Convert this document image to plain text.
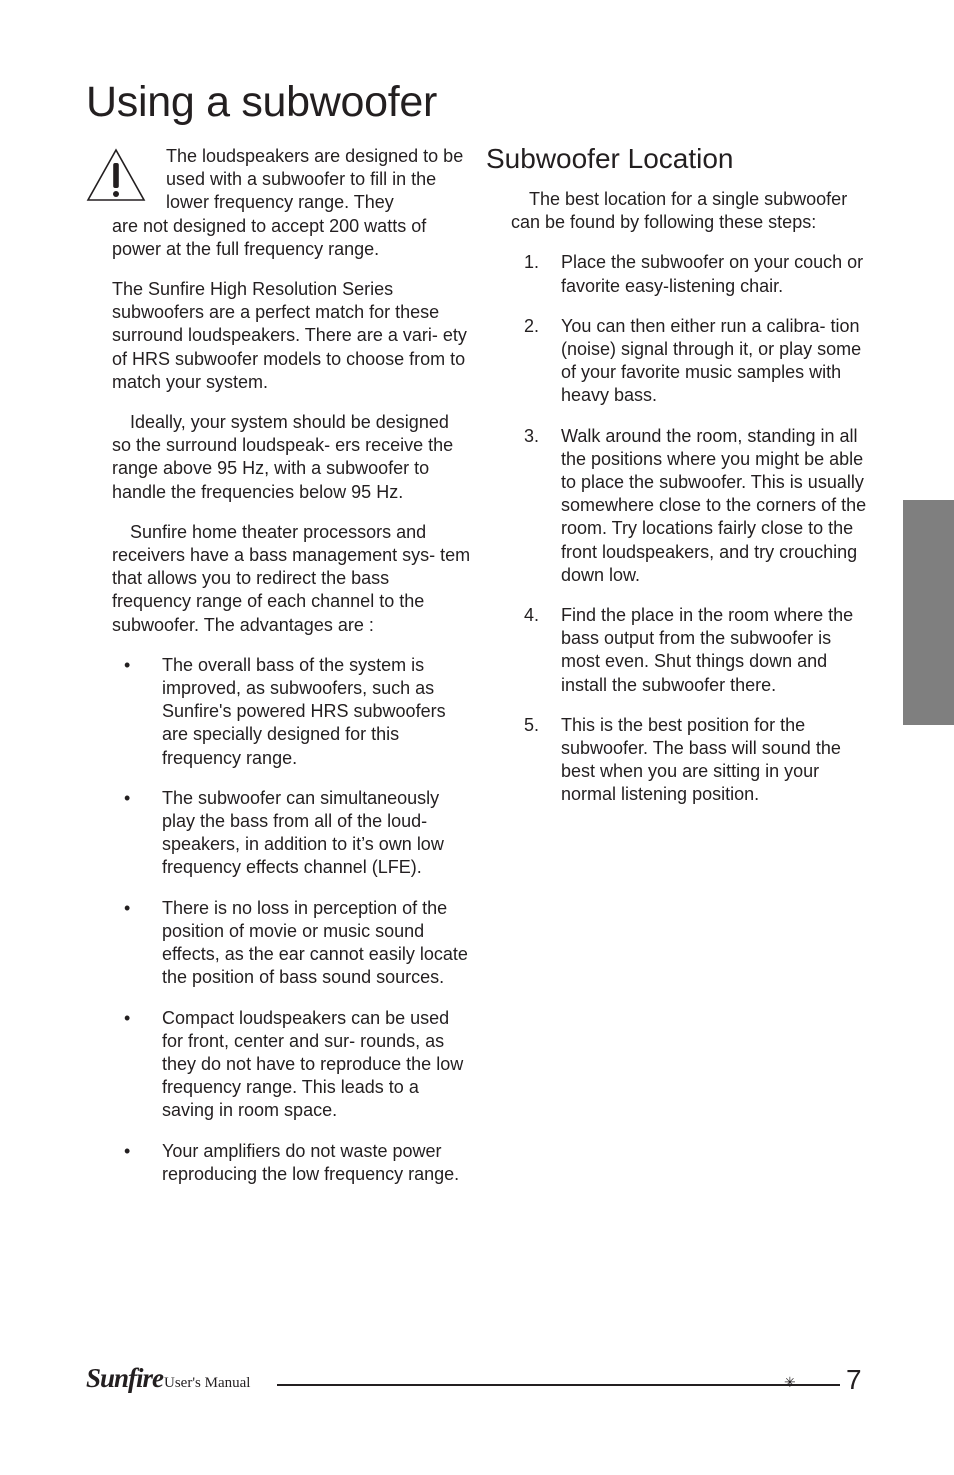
Using a subwoofer

The loudspeakers are designed to be used with a subwoofer to fill in the lower frequency range. They
are not designed to accept 200 watts of power at the full frequency range.

The Sunfire High Resolution Series subwoofers are a perfect match for these surround loudspeakers. There are a vari- ety of HRS subwoofer models to choose from to match your system.

Ideally, your system should be designed so the surround loudspeak- ers receive the range above 95 Hz, with a subwoofer to handle the frequencies below 95 Hz.

Sunfire home theater processors and receivers have a bass management sys- tem that allows you to redirect the bass frequency range of each channel to the subwoofer. The advantages are :

• The overall bass of the system is improved, as subwoofers, such as Sunfire's powered HRS subwoofers are specially designed for this frequency range.
• The subwoofer can simultaneously play the bass from all of the loud- speakers, in addition to it’s own low frequency effects channel (LFE).
• There is no loss in perception of the position of movie or music sound effects, as the ear cannot easily locate the position of bass sound sources.
• Compact loudspeakers can be used for front, center and sur- rounds, as they do not have to reproduce the low frequency range. This leads to a saving in room space.
• Your amplifiers do not waste power reproducing the low frequency range.
Subwoofer Location

The best location for a single subwoofer can be found by following these steps:

1. Place the subwoofer on your couch or favorite easy-listening chair.
2. You can then either run a calibra- tion (noise) signal through it, or play some of your favorite music samples with heavy bass.
3. Walk around the room, standing in all the positions where you might be able to place the subwoofer. This is usually somewhere close to the corners of the room. Try locations fairly close to the front loudspeakers, and try crouching down low.
4. Find the place in the room where the bass output from the subwoofer is most even. Shut things down and install the subwoofer there.
5. This is the best position for the subwoofer. The bass will sound the best when you are sitting in your normal listening position.
Sunfire User's Manual	✳ 7
